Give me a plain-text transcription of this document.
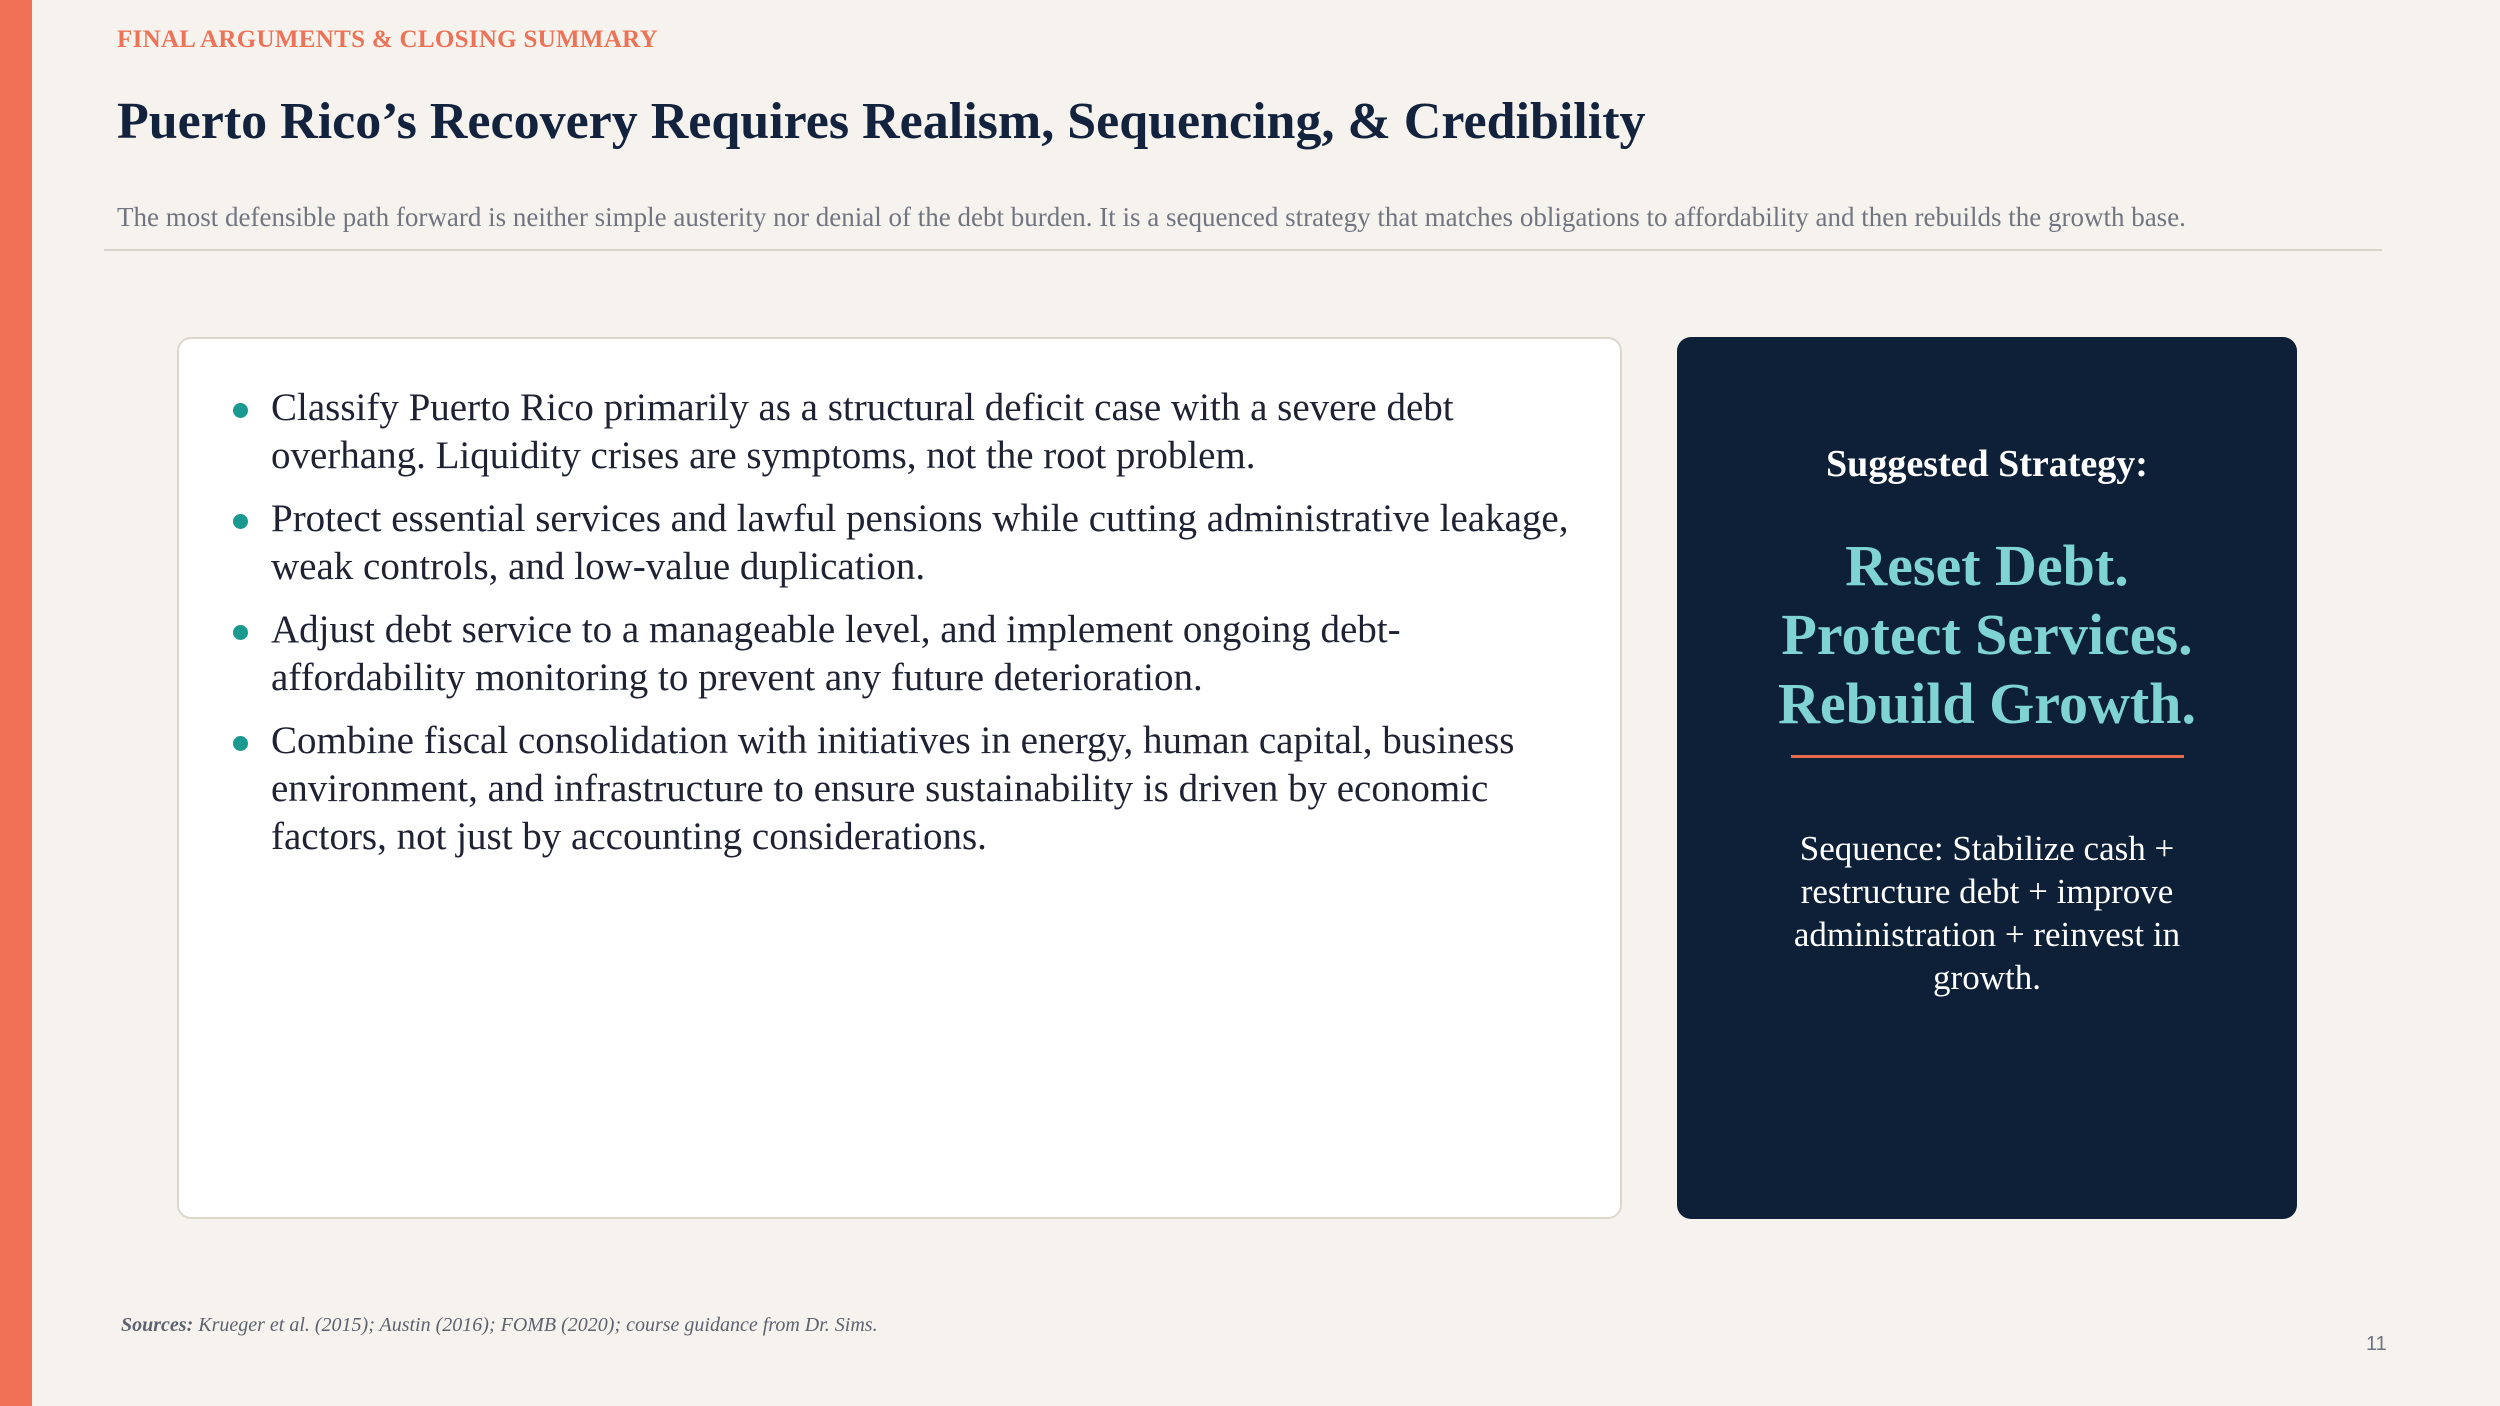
FINAL ARGUMENTS & CLOSING SUMMARY
Puerto Rico’s Recovery Requires Realism, Sequencing, & Credibility
The most defensible path forward is neither simple austerity nor denial of the debt burden. It is a sequenced strategy that matches obligations to affordability and then rebuilds the growth base.
Classify Puerto Rico primarily as a structural deficit case with a severe debt overhang. Liquidity crises are symptoms, not the root problem.
Protect essential services and lawful pensions while cutting administrative leakage, weak controls, and low-value duplication.
Adjust debt service to a manageable level, and implement ongoing debt-affordability monitoring to prevent any future deterioration.
Combine fiscal consolidation with initiatives in energy, human capital, business environment, and infrastructure to ensure sustainability is driven by economic factors, not just by accounting considerations.
Suggested Strategy:
Reset Debt.
Protect Services.
Rebuild Growth.
Sequence: Stabilize cash + restructure debt + improve administration + reinvest in growth.
Sources: Krueger et al. (2015); Austin (2016); FOMB (2020); course guidance from Dr. Sims.
11
